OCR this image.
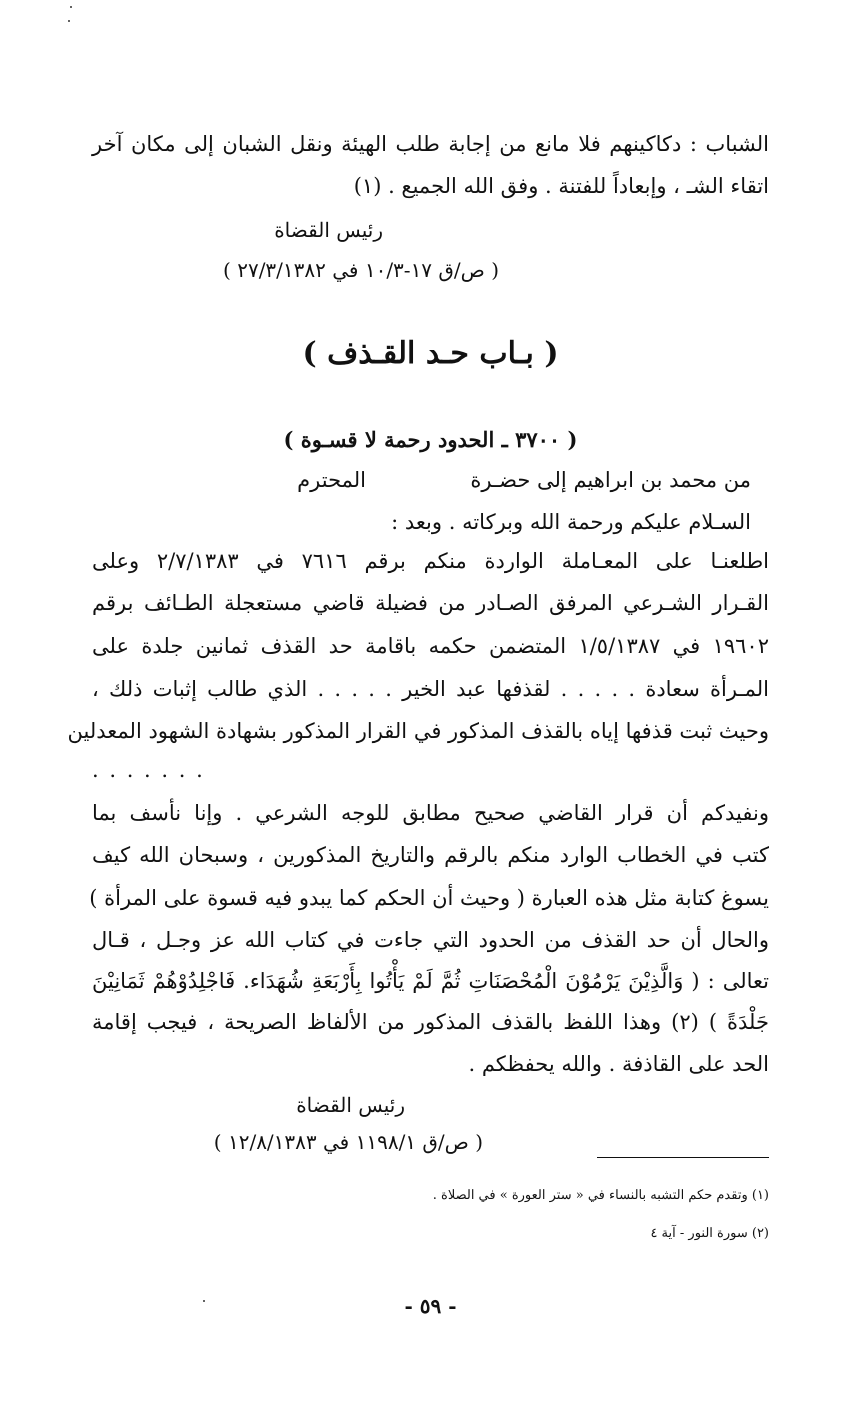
الشباب : دكاكينهم فلا مانع من إجابة طلب الهيئة ونقل الشبان إلى مكان آخر
اتقاء الشـ ، وإبعاداً للفتنة . وفق الله الجميع . (١)
رئيس القضاة
( ص/ق ١٧‏-١٠/٣ في ٢٧/٣/١٣٨٢ )
( بـاب حـد القـذف )
( ٣٧٠٠ ـ الحدود رحمة لا قسـوة )
من محمد بن ابراهيم إلى حضـرة
المحترم
السـلام عليكم ورحمة الله وبركاته . وبعد :
اطلعنـا على المعـاملة الواردة منكم برقم ٧٦١٦ في ٢/٧/١٣٨٣ وعلى
القـرار الشـرعي المرفق الصـادر من فضيلة قاضي مستعجلة الطـائف برقم
١٩٦٠٢ في ١/٥/١٣٨٧ المتضمن حكمه باقامة حد القذف ثمانين جلدة على
المـرأة سعادة . . . . . لقذفها عبد الخير . . . . . الذي طالب إثبات ذلك ،
وحيث ثبت قذفها إياه بالقذف المذكور في القرار المذكور بشهادة الشهود المعدلين
. . . . . . .
ونفيدكم أن قرار القاضي صحيح مطابق للوجه الشرعي . وإنا نأسف بما
كتب في الخطاب الوارد منكم بالرقم والتاريخ المذكورين ، وسبحان الله كيف
يسوغ كتابة مثل هذه العبارة ( وحيث أن الحكم كما يبدو فيه قسوة على المرأة )
والحال أن حد القذف من الحدود التي جاءت في كتاب الله عز وجـل ، قـال
تعالى : ( وَالَّذِيْنَ يَرْمُوْنَ الْمُحْصَنَاتِ ثُمَّ لَمْ يَأْتُوا بِأَرْبَعَةِ شُهَدَاء. فَاجْلِدُوْهُمْ ثَمَانِيْنَ
جَلْدَةً ) (٢) وهذا اللفظ بالقذف المذكور من الألفاظ الصريحة ، فيجب إقامة
الحد على القاذفة . والله يحفظكم .
رئيس القضاة
( ص/ق ١١٩٨/١ في ١٢/٨/١٣٨٣ )
(١) وتقدم حكم التشبه بالنساء في « ستر العورة » في الصلاة .
(٢) سورة النور - آية ٤
- ٥٩ -
